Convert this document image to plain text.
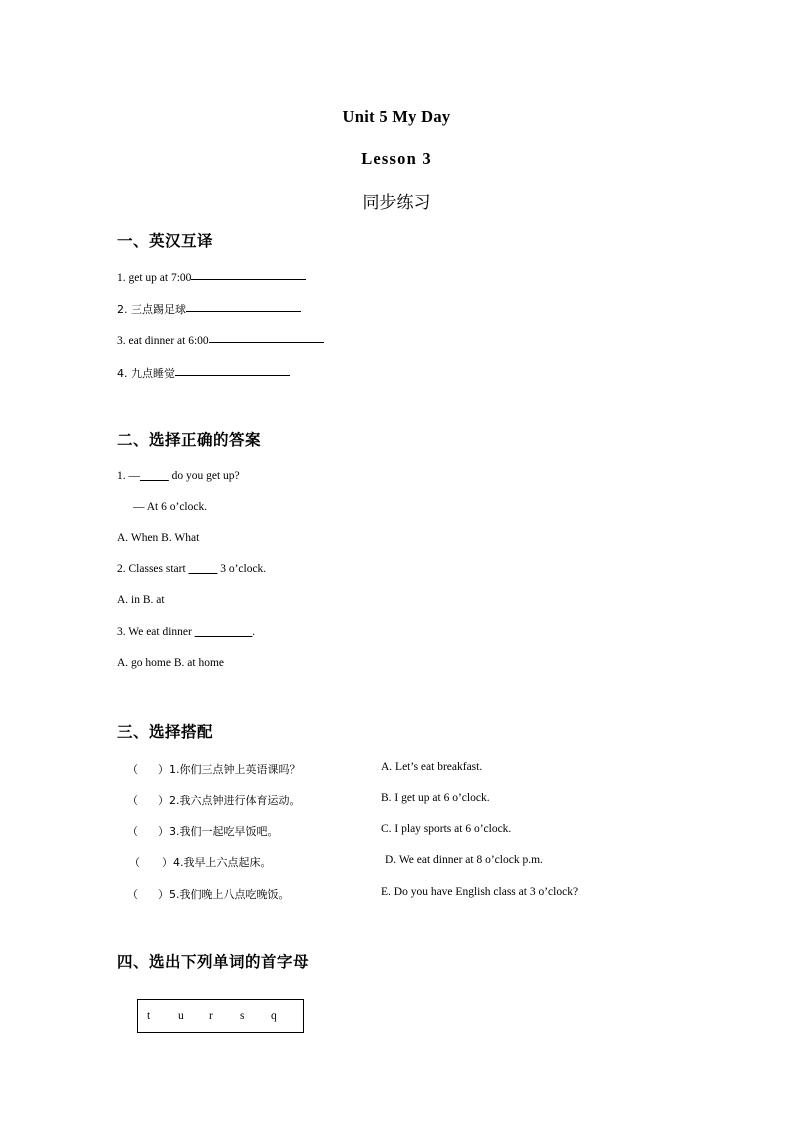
Unit 5 My Day
Lesson 3
同步练习
一、英汉互译
1. get up at 7:00
2. 三点踢足球
3. eat dinner at 6:00
4. 九点睡觉
二、选择正确的答案
1. —_____ do you get up?
— At 6 o’clock.
A. When B. What
2. Classes start _____ 3 o’clock.
A. in B. at
3. We eat dinner __________.
A. go home B. at home
三、选择搭配
（ ）1.你们三点钟上英语课吗？	A. Let’s eat breakfast.
（ ）2.我六点钟进行体育运动。	B. I get up at 6 o’clock.
（ ）3.我们一起吃早饭吧。	C. I play sports at 6 o’clock.
（ ）4.我早上六点起床。	D. We eat dinner at 8 o’clock p.m.
（ ）5.我们晚上八点吃晚饭。	E. Do you have English class at 3 o’clock?
四、选出下列单词的首字母
t	u	r	s	q
